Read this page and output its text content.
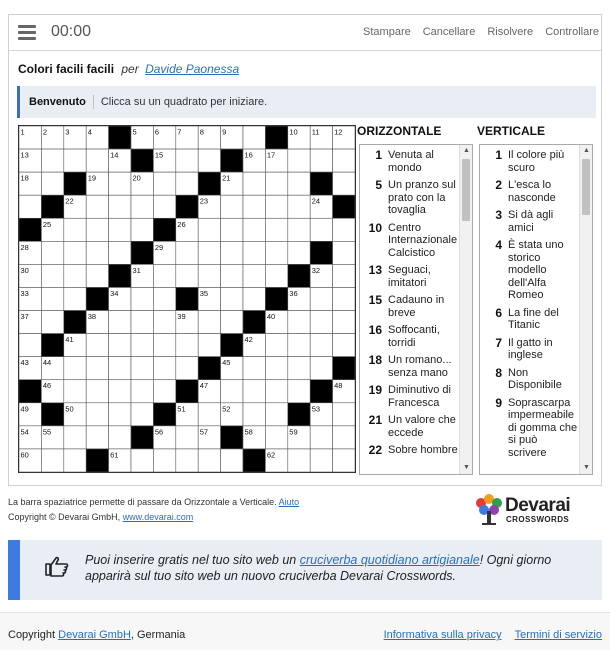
00:00	Stampare Cancellare Risolvere Controllare
Colori facili facili per Davide Paonessa
Benvenuto	Clicca su un quadrato per iniziare.
1 2 3 4	5 6 7 8 9	10 11 12
13	14	15	16 17
18	19	20	21
22	23	24
25	26
28	29
30	31	32
33	34	35	36
37	38	39	40
41	42
43 44	45
46	47	48
49	50	51	52	53
54 55	56	57	58	59
60	61	62
ORIZZONTALE
1 Venuta al mondo
5 Un pranzo sul prato con la tovaglia
10 Centro Internazionale Calcistico
13 Seguaci, imitatori
15 Cadauno in breve
16 Soffocanti, torridi
18 Un romano... senza mano
19 Diminutivo di Francesca
21 Un valore che eccede
22 Sobre hombre
▲
▼
VERTICALE
1 Il colore più scuro
2 L'esca lo nasconde
3 Si dà agli amici
4 È stata uno storico modello dell'Alfa Romeo
6 La fine del Titanic
7 Il gatto in inglese
8 Non Disponibile
9 Soprascarpa impermeabile di gomma che si può scrivere
▲
▼
La barra spaziatrice permette di passare da Orizzontale a Verticale. Aiuto
Copyright © Devarai GmbH, www.devarai.com
Devarai
CROSSWORDS
Puoi inserire gratis nel tuo sito web un cruciverba quotidiano artigianale! Ogni giorno apparirà sul tuo sito web un nuovo cruciverba Devarai Crosswords.
Copyright Devarai GmbH, Germania	Informativa sulla privacy Termini di servizio
